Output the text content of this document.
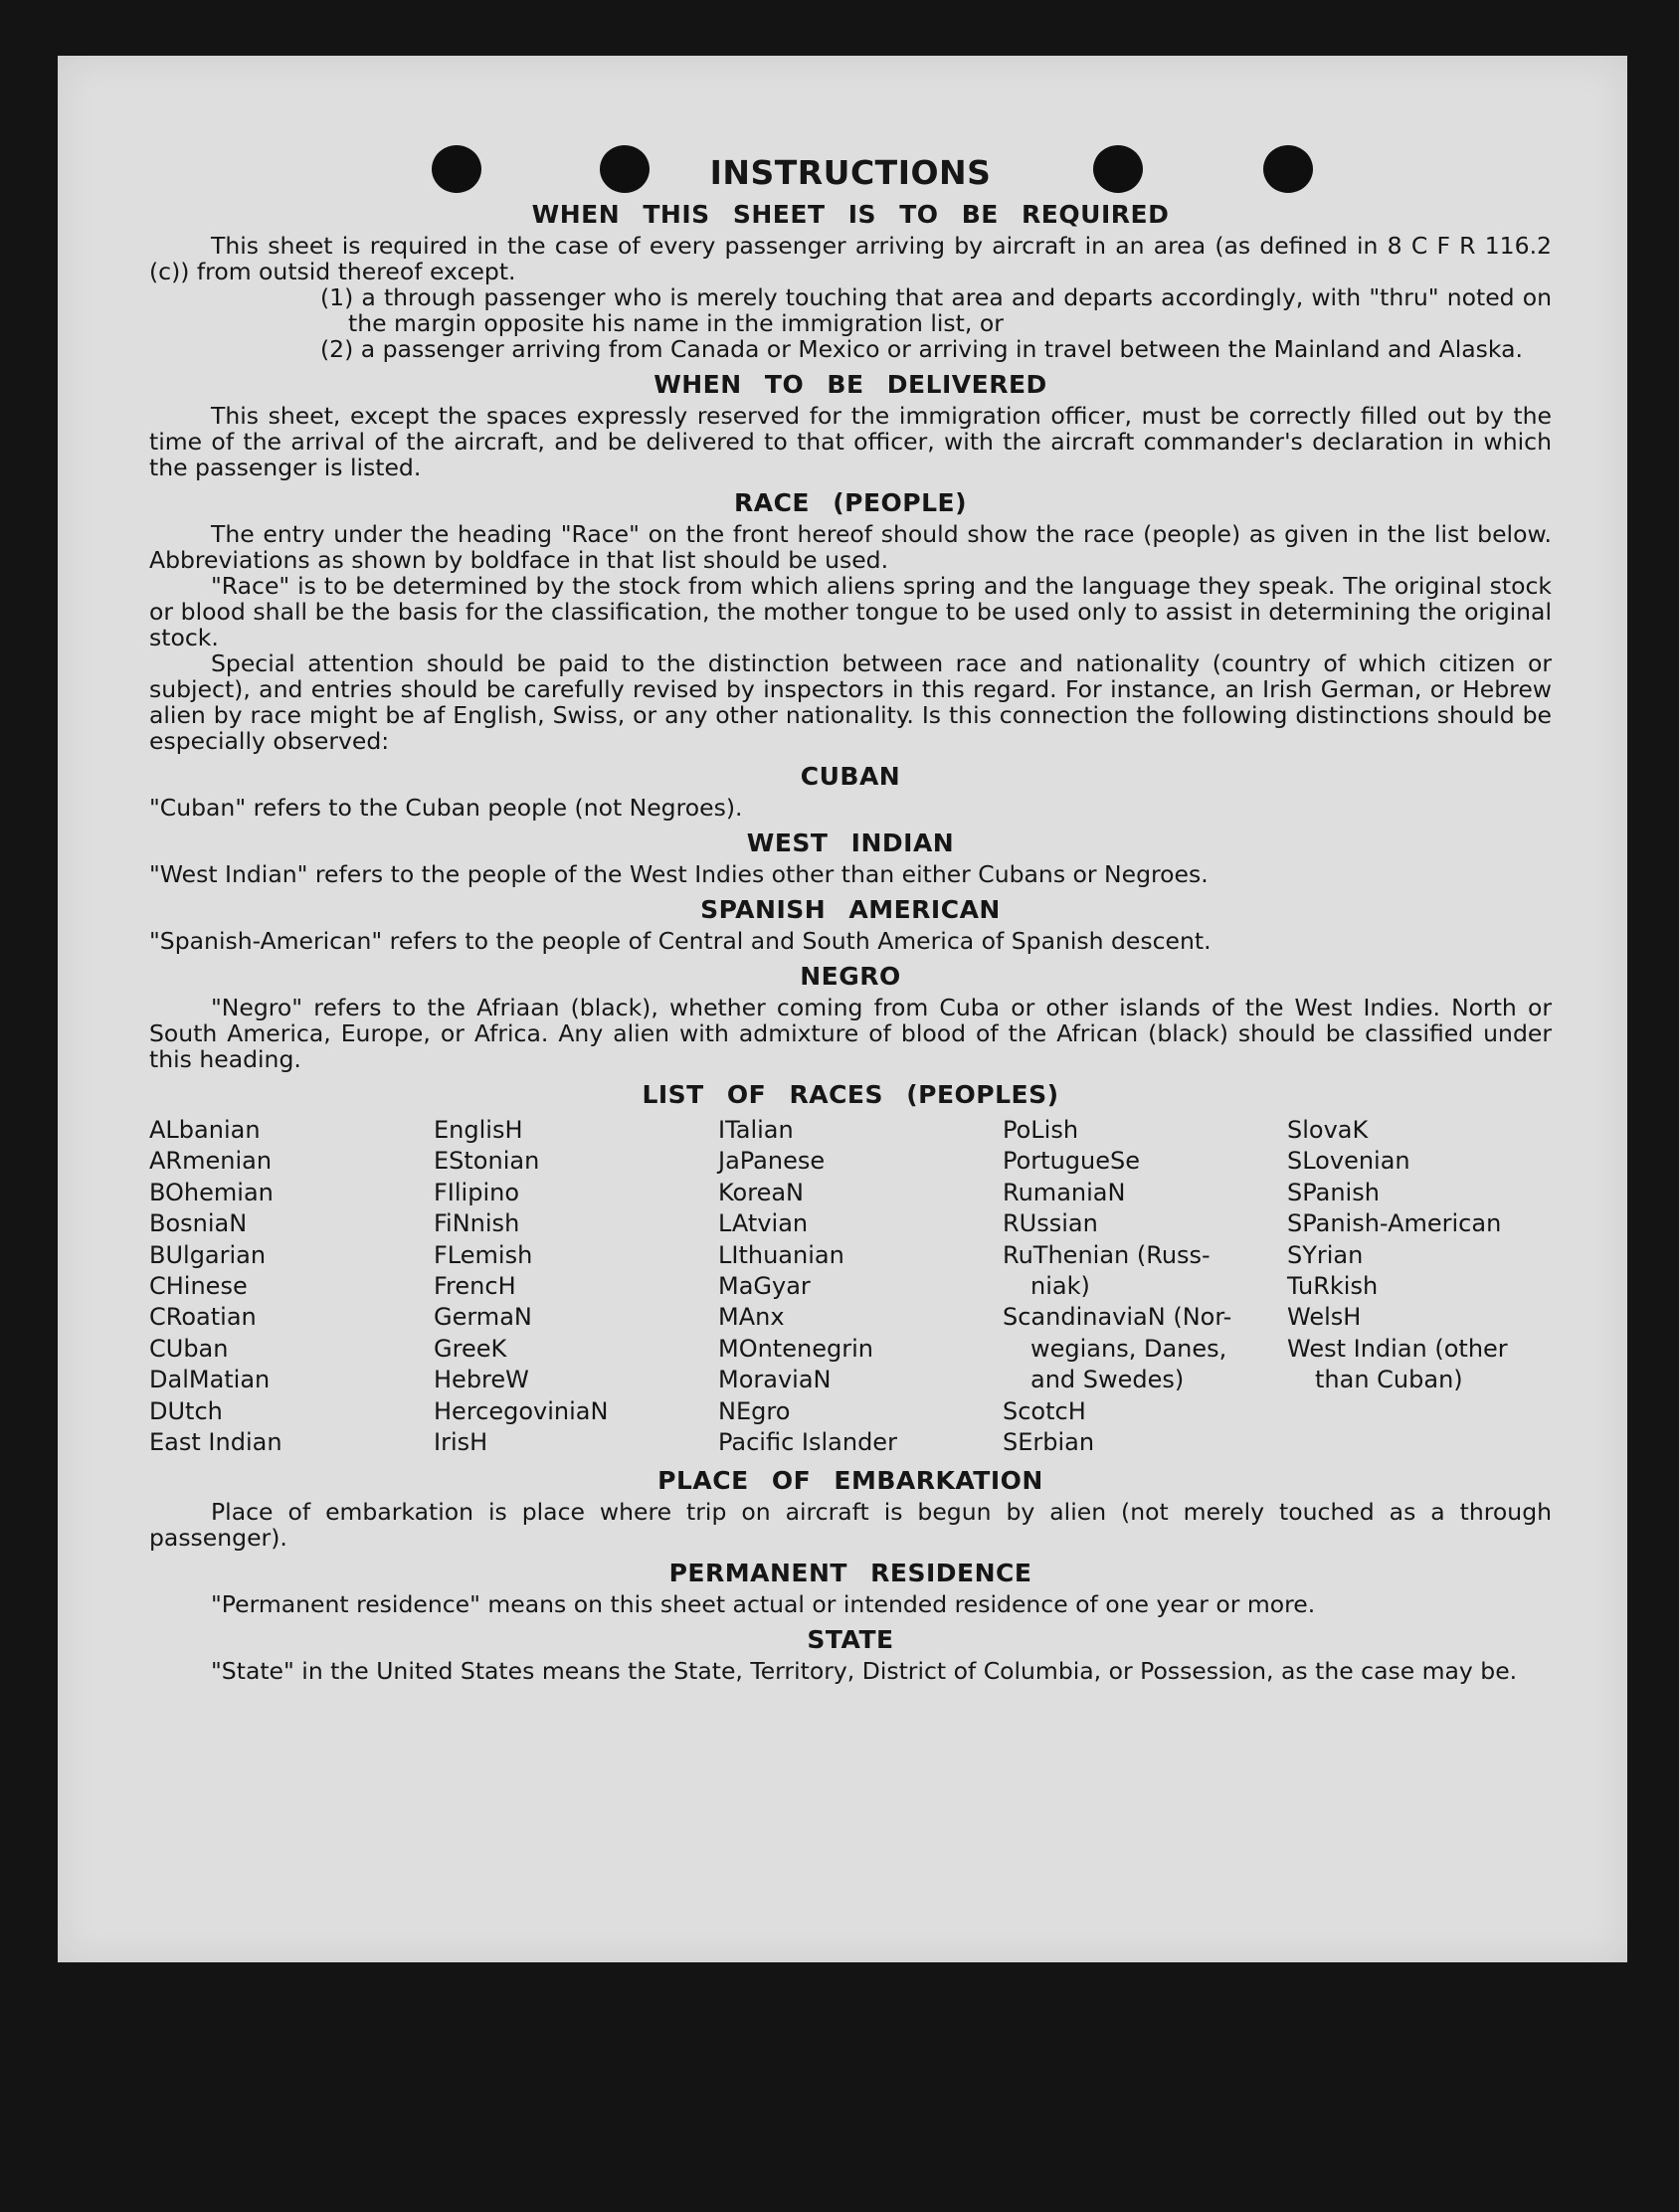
INSTRUCTIONS
WHEN THIS SHEET IS TO BE REQUIRED

This sheet is required in the case of every passenger arriving by aircraft in an area (as defined in 8 C F R 116.2 (c)) from outsid thereof except.

(1) a through passenger who is merely touching that area and departs accordingly, with "thru" noted on the margin opposite his name in the immigration list, or

(2) a passenger arriving from Canada or Mexico or arriving in travel between the Mainland and Alaska.

WHEN TO BE DELIVERED

This sheet, except the spaces expressly reserved for the immigration officer, must be correctly filled out by the time of the arrival of the aircraft, and be delivered to that officer, with the aircraft commander's declaration in which the passenger is listed.

RACE (PEOPLE)

The entry under the heading "Race" on the front hereof should show the race (people) as given in the list below. Abbreviations as shown by boldface in that list should be used.

"Race" is to be determined by the stock from which aliens spring and the language they speak. The original stock or blood shall be the basis for the classification, the mother tongue to be used only to assist in determining the original stock.

Special attention should be paid to the distinction between race and nationality (country of which citizen or subject), and entries should be carefully revised by inspectors in this regard. For instance, an Irish German, or Hebrew alien by race might be af English, Swiss, or any other nationality. Is this connection the following distinctions should be especially observed:

CUBAN

"Cuban" refers to the Cuban people (not Negroes).

WEST INDIAN

"West Indian" refers to the people of the West Indies other than either Cubans or Negroes.

SPANISH AMERICAN

"Spanish-American" refers to the people of Central and South America of Spanish descent.

NEGRO

"Negro" refers to the Afriaan (black), whether coming from Cuba or other islands of the West Indies. North or South America, Europe, or Africa. Any alien with admixture of blood of the African (black) should be classified under this heading.

LIST OF RACES (PEOPLES)
ALbanian
ARmenian
BOhemian
BosniaN
BUlgarian
CHinese
CRoatian
CUban
DalMatian
DUtch
East Indian
EnglisH
EStonian
FIlipino
FiNnish
FLemish
FrencH
GermaN
GreeK
HebreW
HercegoviniaN
IrisH
ITalian
JaPanese
KoreaN
LAtvian
LIthuanian
MaGyar
MAnx
MOntenegrin
MoraviaN
NEgro
Pacific Islander
PoLish
PortugueSe
RumaniaN
RUssian
RuThenian (Russ-
niak)
ScandinaviaN (Nor-
wegians, Danes,
and Swedes)
ScotcH
SErbian
SlovaK
SLovenian
SPanish
SPanish-American
SYrian
TuRkish
WelsH
West Indian (other
than Cuban)
PLACE OF EMBARKATION

Place of embarkation is place where trip on aircraft is begun by alien (not merely touched as a through passenger).

PERMANENT RESIDENCE

"Permanent residence" means on this sheet actual or intended residence of one year or more.

STATE

"State" in the United States means the State, Territory, District of Columbia, or Possession, as the case may be.
